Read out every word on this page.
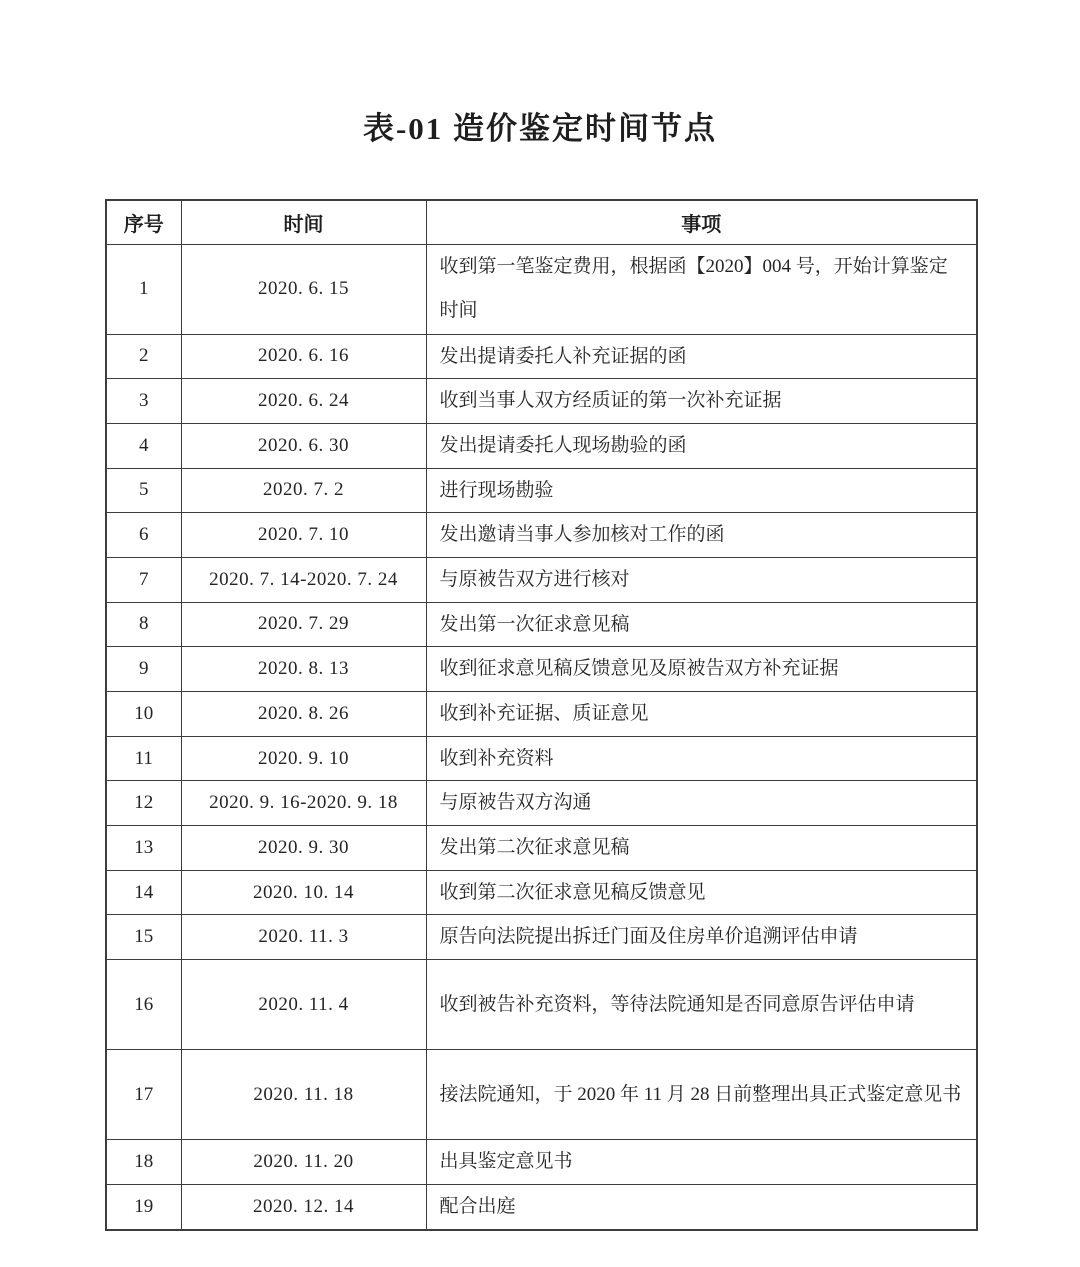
表-01 造价鉴定时间节点
序号	时间	事项
1	2020. 6. 15	收到第一笔鉴定费用，根据函【2020】004 号，开始计算鉴定时间
2	2020. 6. 16	发出提请委托人补充证据的函
3	2020. 6. 24	收到当事人双方经质证的第一次补充证据
4	2020. 6. 30	发出提请委托人现场勘验的函
5	2020. 7. 2	进行现场勘验
6	2020. 7. 10	发出邀请当事人参加核对工作的函
7	2020. 7. 14-2020. 7. 24	与原被告双方进行核对
8	2020. 7. 29	发出第一次征求意见稿
9	2020. 8. 13	收到征求意见稿反馈意见及原被告双方补充证据
10	2020. 8. 26	收到补充证据、质证意见
11	2020. 9. 10	收到补充资料
12	2020. 9. 16-2020. 9. 18	与原被告双方沟通
13	2020. 9. 30	发出第二次征求意见稿
14	2020. 10. 14	收到第二次征求意见稿反馈意见
15	2020. 11. 3	原告向法院提出拆迁门面及住房单价追溯评估申请
16	2020. 11. 4	收到被告补充资料，等待法院通知是否同意原告评估申请
17	2020. 11. 18	接法院通知，于 2020 年 11 月 28 日前整理出具正式鉴定意见书
18	2020. 11. 20	出具鉴定意见书
19	2020. 12. 14	配合出庭
